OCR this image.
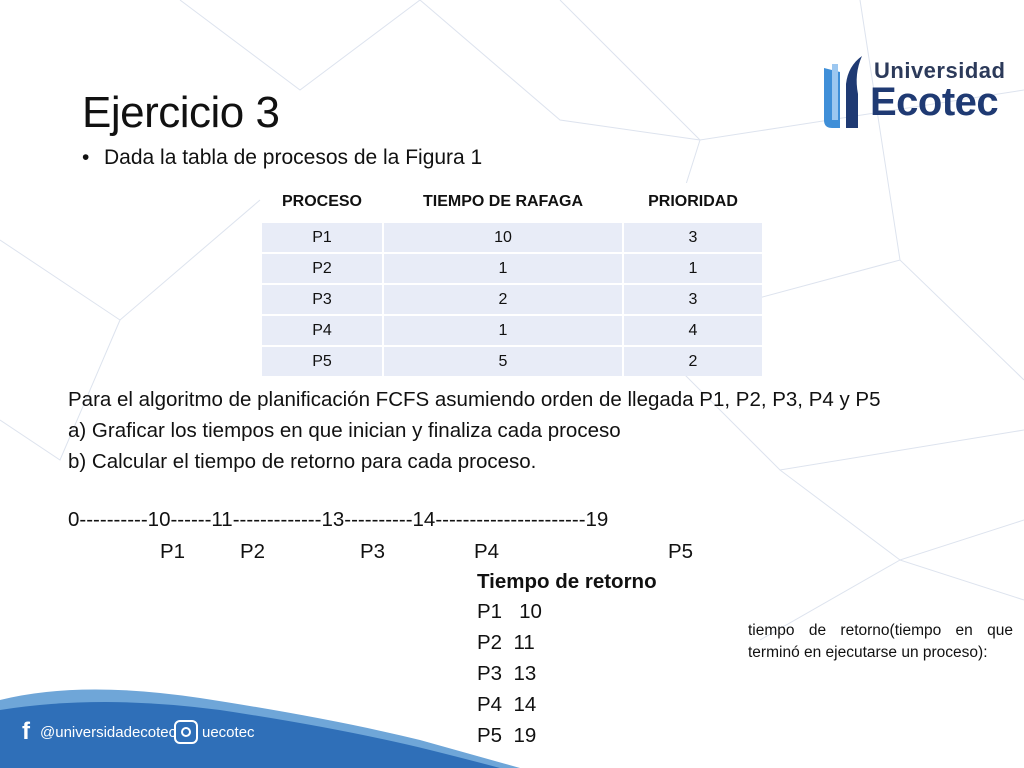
Ejercicio 3
• Dada la tabla de procesos de la Figura 1
Universidad
Ecotec
PROCESO	TIEMPO DE RAFAGA	PRIORIDAD
P1	10	3
P2	1	1
P3	2	3
P4	1	4
P5	5	2
Para el algoritmo de planificación FCFS asumiendo orden de llegada P1, P2, P3, P4 y P5
a) Graficar los tiempos en que inician y finaliza cada proceso
b) Calcular el tiempo de retorno para cada proceso.
0----------10------11-------------13----------14----------------------19
P1	P2	P3	P4	P5
Tiempo de retorno
P1   10
P2  11
P3  13
P4  14
P5  19
tiempo de retorno(tiempo en que terminó en ejecutarse un proceso):
f @universidadecotec uecotec
